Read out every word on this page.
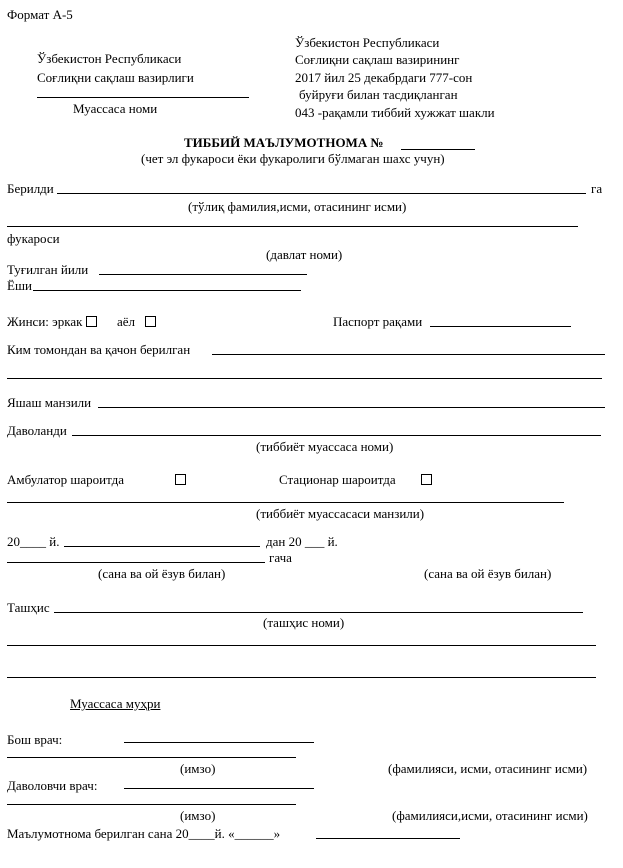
Формат А-5
Ўзбекистон Республикаси
Соғлиқни сақлаш вазирлиги
Муассаса номи
Ўзбекистон Республикаси
Соғлиқни сақлаш вазирининг
2017 йил 25 декабрдаги 777-сон
буйруғи билан тасдиқланган
043 -рақамли тиббий хужжат шакли
ТИББИЙ МАЪЛУМОТНОМА №
(чет эл фукароси ёки фукаролиги бўлмаган шахс учун)
Берилди	га
(тўлиқ фамилия,исми, отасининг исми)
фукароси
(давлат номи)
Туғилган йили
Ёши
Жинси: эркак	аёл	Паспорт рақами
Ким томондан ва қачон берилган
Яшаш манзили
Даволанди
(тиббиёт муассаса номи)
Амбулатор шароитда	Стационар шароитда
(тиббиёт муассасаси манзили)
20____ й.	дан 20 ___ й.
гача
(сана ва ой ёзув билан)	(сана ва ой ёзув билан)
Ташҳис
(ташҳис номи)
Муассаса муҳри
Бош врач:
(имзо)	(фамилияси, исми, отасининг исми)
Даволовчи врач:
(имзо)	(фамилияси,исми, отасининг исми)
Маълумотнома берилган сана 20____й. «______»
